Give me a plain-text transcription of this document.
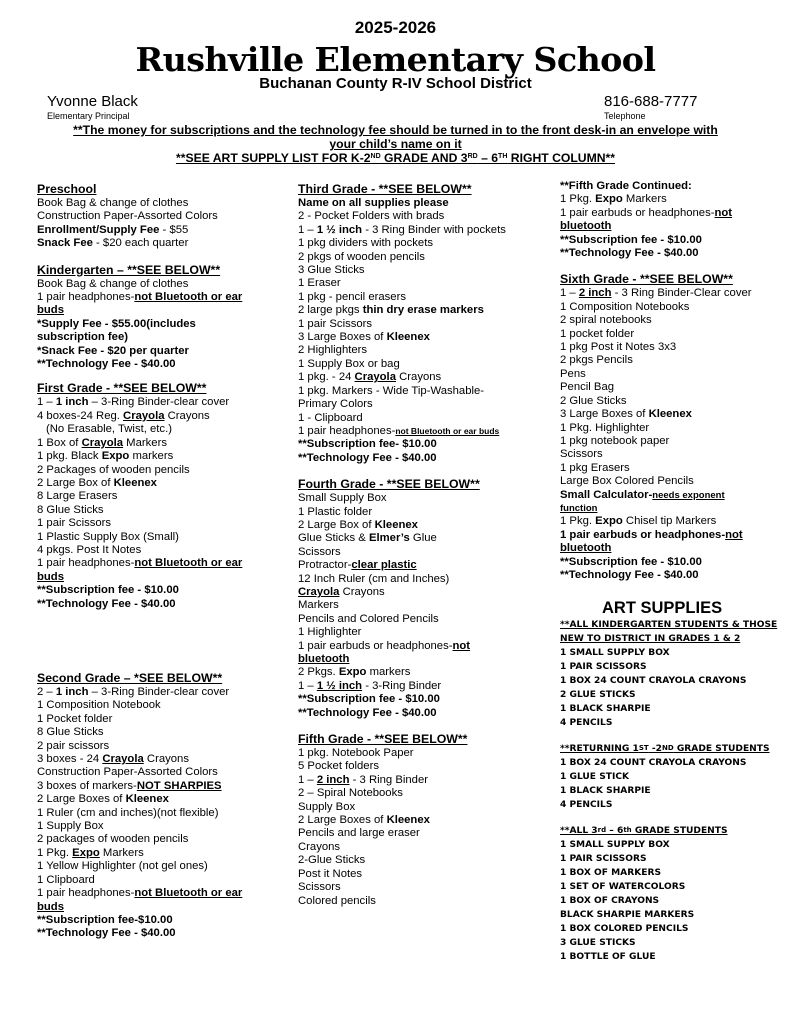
2025-2026
Rushville Elementary School
Buchanan County R-IV School District
Yvonne Black
Elementary Principal
816-688-7777
Telephone
**The money for subscriptions and the technology fee should be turned in to the front desk-in an envelope with
your child’s name on it
**SEE ART SUPPLY LIST FOR K-2ND GRADE AND 3RD – 6TH RIGHT COLUMN**
Preschool
Book Bag & change of clothes
Construction Paper-Assorted Colors
Enrollment/Supply Fee - $55
Snack Fee - $20 each quarter
Kindergarten – **SEE BELOW**
Book Bag & change of clothes
1 pair headphones-not Bluetooth or ear
buds
*Supply Fee - $55.00(includes
subscription fee)
*Snack Fee - $20 per quarter
**Technology Fee - $40.00
First Grade - **SEE BELOW**
1 – 1 inch – 3-Ring Binder-clear cover
4 boxes-24 Reg. Crayola Crayons
(No Erasable, Twist, etc.)
1 Box of Crayola Markers
1 pkg. Black Expo markers
2 Packages of wooden pencils
2 Large Box of Kleenex
8 Large Erasers
8 Glue Sticks
1 pair Scissors
1 Plastic Supply Box (Small)
4 pkgs. Post It Notes
1 pair headphones-not Bluetooth or ear
buds
**Subscription fee - $10.00
**Technology Fee - $40.00
Second Grade – *SEE BELOW**
2 – 1 inch – 3-Ring Binder-clear cover
1 Composition Notebook
1 Pocket folder
8 Glue Sticks
2 pair scissors
3 boxes - 24 Crayola Crayons
Construction Paper-Assorted Colors
3 boxes of markers-NOT SHARPIES
2 Large Boxes of Kleenex
1 Ruler (cm and inches)(not flexible)
1 Supply Box
2 packages of wooden pencils
1 Pkg. Expo Markers
1 Yellow Highlighter (not gel ones)
1 Clipboard
1 pair headphones-not Bluetooth or ear
buds
**Subscription fee-$10.00
**Technology Fee - $40.00
Third Grade - **SEE BELOW**
Name on all supplies please
2 - Pocket Folders with brads
1 – 1 ½ inch - 3 Ring Binder with pockets
1 pkg dividers with pockets
2 pkgs of wooden pencils
3 Glue Sticks
1 Eraser
1 pkg - pencil erasers
2 large pkgs thin dry erase markers
1 pair Scissors
3 Large Boxes of Kleenex
2 Highlighters
1 Supply Box or bag
1 pkg. - 24 Crayola Crayons
1 pkg. Markers - Wide Tip-Washable-
Primary Colors
1 - Clipboard
1 pair headphones-not Bluetooth or ear buds
**Subscription fee- $10.00
**Technology Fee - $40.00
Fourth Grade - **SEE BELOW**
Small Supply Box
1 Plastic folder
2 Large Box of Kleenex
Glue Sticks & Elmer’s Glue
Scissors
Protractor-clear plastic
12 Inch Ruler (cm and Inches)
Crayola Crayons
Markers
Pencils and Colored Pencils
1 Highlighter
1 pair earbuds or headphones-not
bluetooth
2 Pkgs. Expo markers
1 – 1 ½ inch - 3-Ring Binder
**Subscription fee - $10.00
**Technology Fee - $40.00
Fifth Grade - **SEE BELOW**
1 pkg. Notebook Paper
5 Pocket folders
1 – 2 inch - 3 Ring Binder
2 – Spiral Notebooks
Supply Box
2 Large Boxes of Kleenex
Pencils and large eraser
Crayons
2-Glue Sticks
Post it Notes
Scissors
Colored pencils
**Fifth Grade Continued:
1 Pkg. Expo Markers
1 pair earbuds or headphones-not
bluetooth
**Subscription fee - $10.00
**Technology Fee - $40.00
Sixth Grade - **SEE BELOW**
1 – 2 inch - 3 Ring Binder-Clear cover
1 Composition Notebooks
2 spiral notebooks
1 pocket folder
1 pkg Post it Notes 3x3
2 pkgs Pencils
Pens
Pencil Bag
2 Glue Sticks
3 Large Boxes of Kleenex
1 Pkg. Highlighter
1 pkg notebook paper
Scissors
1 pkg Erasers
Large Box Colored Pencils
Small Calculator-needs exponent
function
1 Pkg. Expo Chisel tip Markers
1 pair earbuds or headphones-not
bluetooth
**Subscription fee - $10.00
**Technology Fee - $40.00
ART SUPPLIES
**ALL KINDERGARTEN STUDENTS & THOSE
NEW TO DISTRICT IN GRADES 1 & 2
1 SMALL SUPPLY BOX
1 PAIR SCISSORS
1 BOX 24 COUNT CRAYOLA CRAYONS
2 GLUE STICKS
1 BLACK SHARPIE
4 PENCILS
**RETURNING 1ST -2ND GRADE STUDENTS
1 BOX 24 COUNT CRAYOLA CRAYONS
1 GLUE STICK
1 BLACK SHARPIE
4 PENCILS
**ALL 3rd – 6th GRADE STUDENTS
1 SMALL SUPPLY BOX
1 PAIR SCISSORS
1 BOX OF MARKERS
1 SET OF WATERCOLORS
1 BOX OF CRAYONS
BLACK SHARPIE MARKERS
1 BOX COLORED PENCILS
3 GLUE STICKS
1 BOTTLE OF GLUE
